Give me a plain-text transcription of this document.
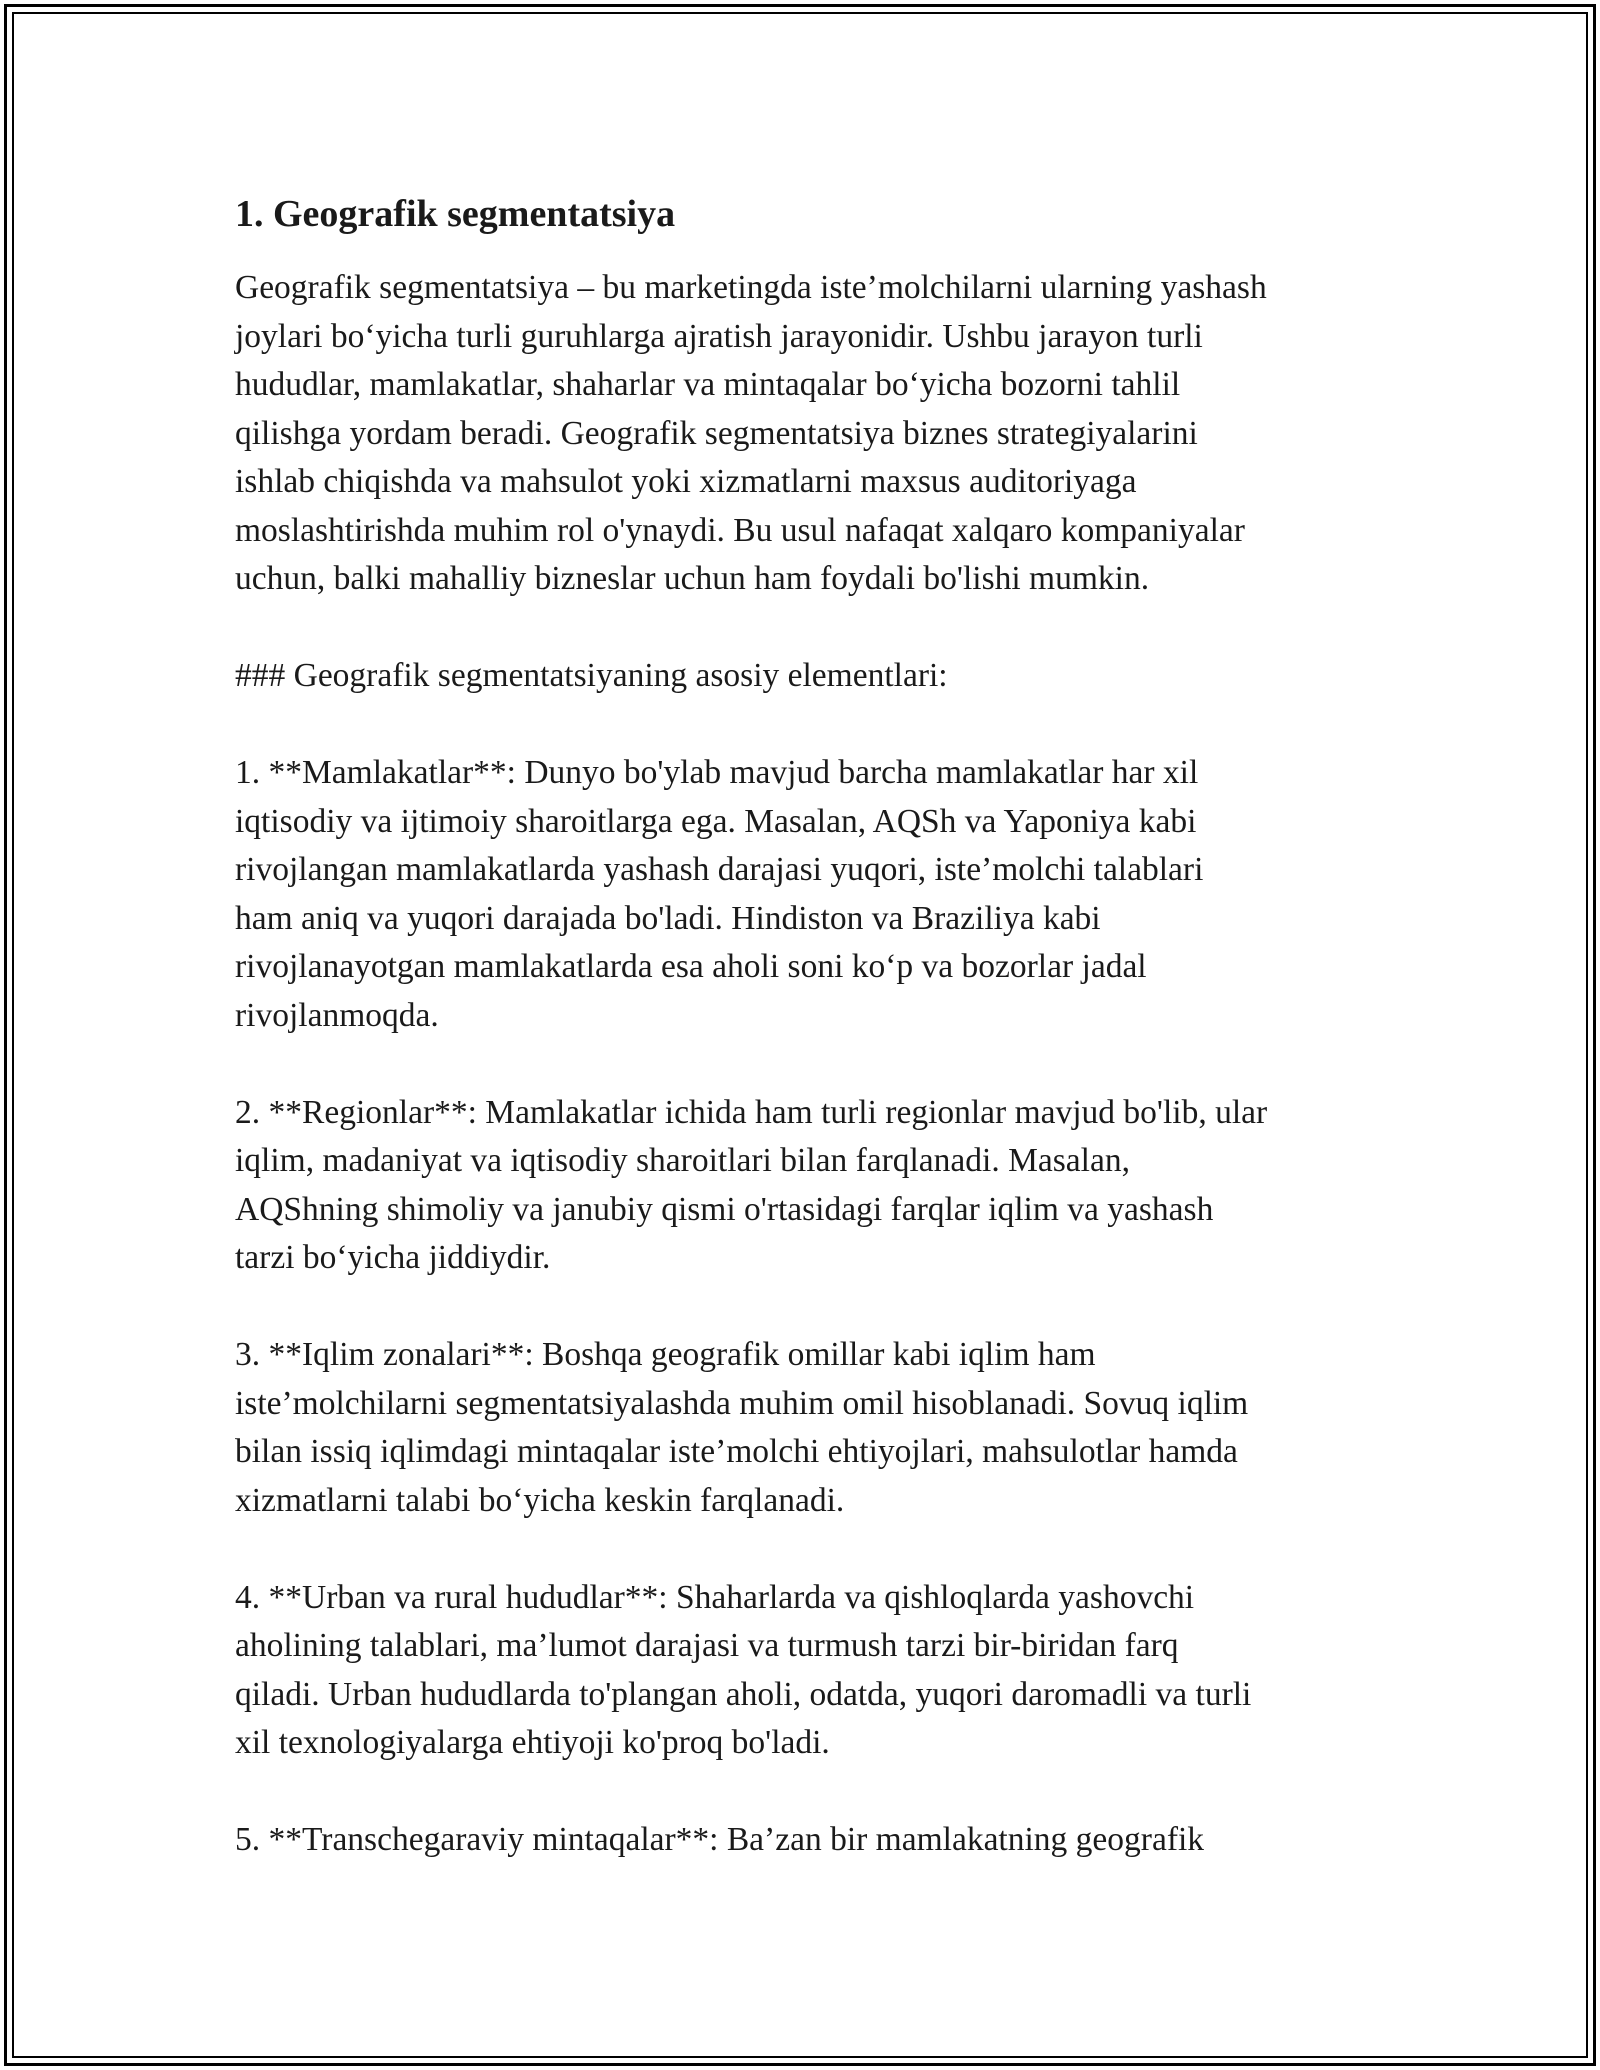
1. Geografik segmentatsiya
Geografik segmentatsiya – bu marketingda iste’molchilarni ularning yashash
joylari bo‘yicha turli guruhlarga ajratish jarayonidir. Ushbu jarayon turli
hududlar, mamlakatlar, shaharlar va mintaqalar bo‘yicha bozorni tahlil
qilishga yordam beradi. Geografik segmentatsiya biznes strategiyalarini
ishlab chiqishda va mahsulot yoki xizmatlarni maxsus auditoriyaga
moslashtirishda muhim rol o'ynaydi. Bu usul nafaqat xalqaro kompaniyalar
uchun, balki mahalliy bizneslar uchun ham foydali bo'lishi mumkin.
### Geografik segmentatsiyaning asosiy elementlari:
1. **Mamlakatlar**: Dunyo bo'ylab mavjud barcha mamlakatlar har xil
iqtisodiy va ijtimoiy sharoitlarga ega. Masalan, AQSh va Yaponiya kabi
rivojlangan mamlakatlarda yashash darajasi yuqori, iste’molchi talablari
ham aniq va yuqori darajada bo'ladi. Hindiston va Braziliya kabi
rivojlanayotgan mamlakatlarda esa aholi soni ko‘p va bozorlar jadal
rivojlanmoqda.
2. **Regionlar**: Mamlakatlar ichida ham turli regionlar mavjud bo'lib, ular
iqlim, madaniyat va iqtisodiy sharoitlari bilan farqlanadi. Masalan,
AQShning shimoliy va janubiy qismi o'rtasidagi farqlar iqlim va yashash
tarzi bo‘yicha jiddiydir.
3. **Iqlim zonalari**: Boshqa geografik omillar kabi iqlim ham
iste’molchilarni segmentatsiyalashda muhim omil hisoblanadi. Sovuq iqlim
bilan issiq iqlimdagi mintaqalar iste’molchi ehtiyojlari, mahsulotlar hamda
xizmatlarni talabi bo‘yicha keskin farqlanadi.
4. **Urban va rural hududlar**: Shaharlarda va qishloqlarda yashovchi
aholining talablari, ma’lumot darajasi va turmush tarzi bir-biridan farq
qiladi. Urban hududlarda to'plangan aholi, odatda, yuqori daromadli va turli
xil texnologiyalarga ehtiyoji ko'proq bo'ladi.
5. **Transchegaraviy mintaqalar**: Ba’zan bir mamlakatning geografik
